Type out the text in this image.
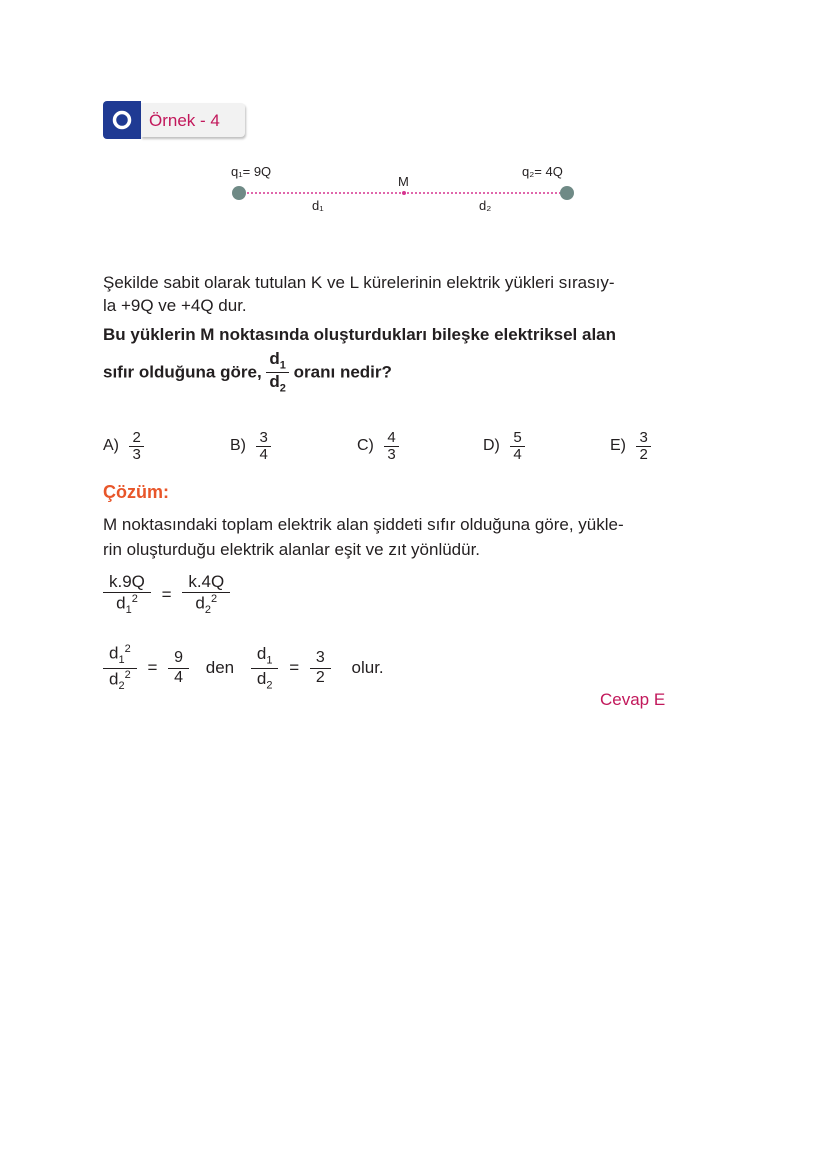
Örnek - 4
q₁= 9Q	q₂= 4Q
M
d₁	d₂
Şekilde sabit olarak tutulan K ve L kürelerinin elektrik yükleri sırasıy-
la +9Q ve +4Q dur.
Bu yüklerin M noktasında oluşturdukları bileşke elektriksel alan
sıfır olduğuna göre, $\frac{d_1}{d_2}$ oranı nedir?
$A) \frac{2}{3}$	$B) \frac{3}{4}$	$C) \frac{4}{3}$	$D) \frac{5}{4}$	$E) \frac{3}{2}$
Çözüm:
M noktasındaki toplam elektrik alan şiddeti sıfır olduğuna göre, yükle-
rin oluşturduğu elektrik alanlar eşit ve zıt yönlüdür.
$\frac{k.9Q}{d_1^2} = \frac{k.4Q}{d_2^2}$
$\frac{d_1^2}{d_2^2} = \frac{9}{4}$ den $\frac{d_1}{d_2} = \frac{3}{2}$ olur.
Cevap E
